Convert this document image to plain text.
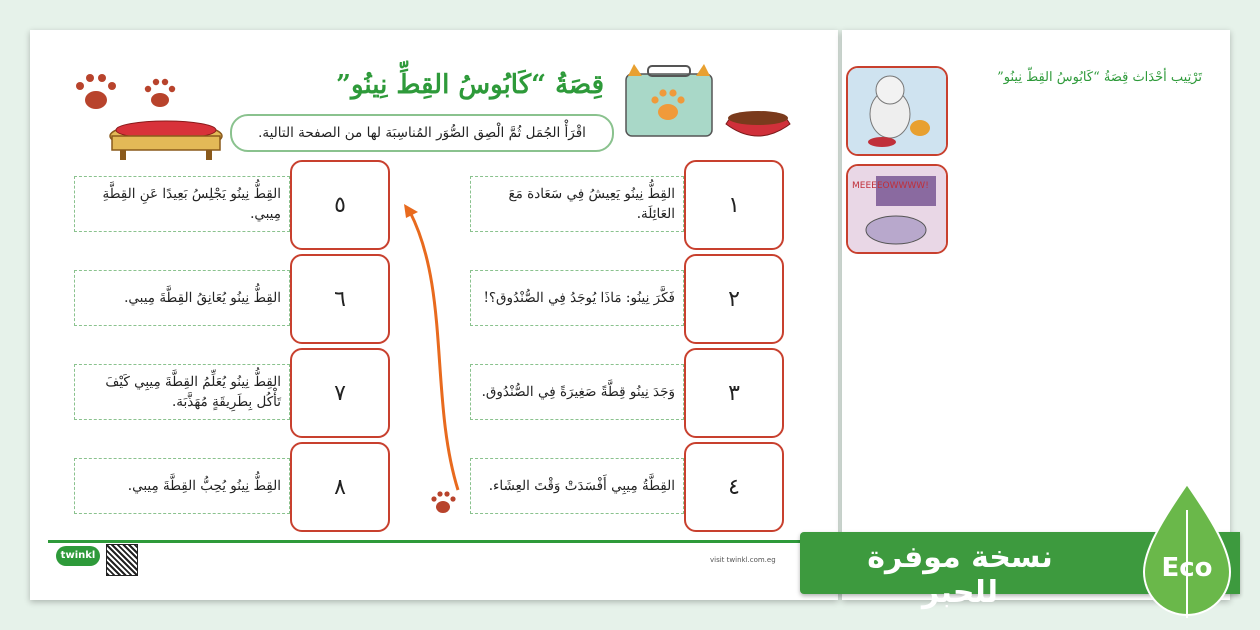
قِصَةُ “كَابُوسُ القِطِّ نِينُو”
اقْرَأْ الجُمَل ثُمَّ الْصِق الصُّوَر المُناسِبَة لها من الصفحة التالية.
١
٢
٣
٤
القِطُّ نِينُو يَعِيشُ فِي سَعَادة مَعَ العَائِلَة.
فَكَّرَ نِينُو: مَاذَا يُوجَدُ فِي الصُّنْدُوق؟!
وَجَدَ نِينُو قِطَّةً صَغِيرَةً فِي الصُّنْدُوق.
القِطَّةُ مِيبِي أَفْسَدَتْ وَقْتَ العِشَاء.
٥
٦
٧
٨
القِطُّ نِينُو يَجْلِسُ بَعِيدًا عَنِ القِطَّةِ مِيبي.
القِطُّ نِينُو يُعَانِقُ القِطَّةَ مِيبي.
القِطُّ نِينُو يُعَلِّمُ القِطَّةَ مِيبِي كَيْفَ تَأْكُل بِطَرِيقَةٍ مُهَذَّبَة.
القِطُّ نِينُو يُحِبُّ القِطَّةَ مِيبي.
twinkl	visit twinkl.com.eg
تَرْتِيب أحْدَاث قِصَةُ “كَابُوسُ القِطّ نِينُو”
MEEEEOWWWW!
نسخة موفرة للحبر
Eco
